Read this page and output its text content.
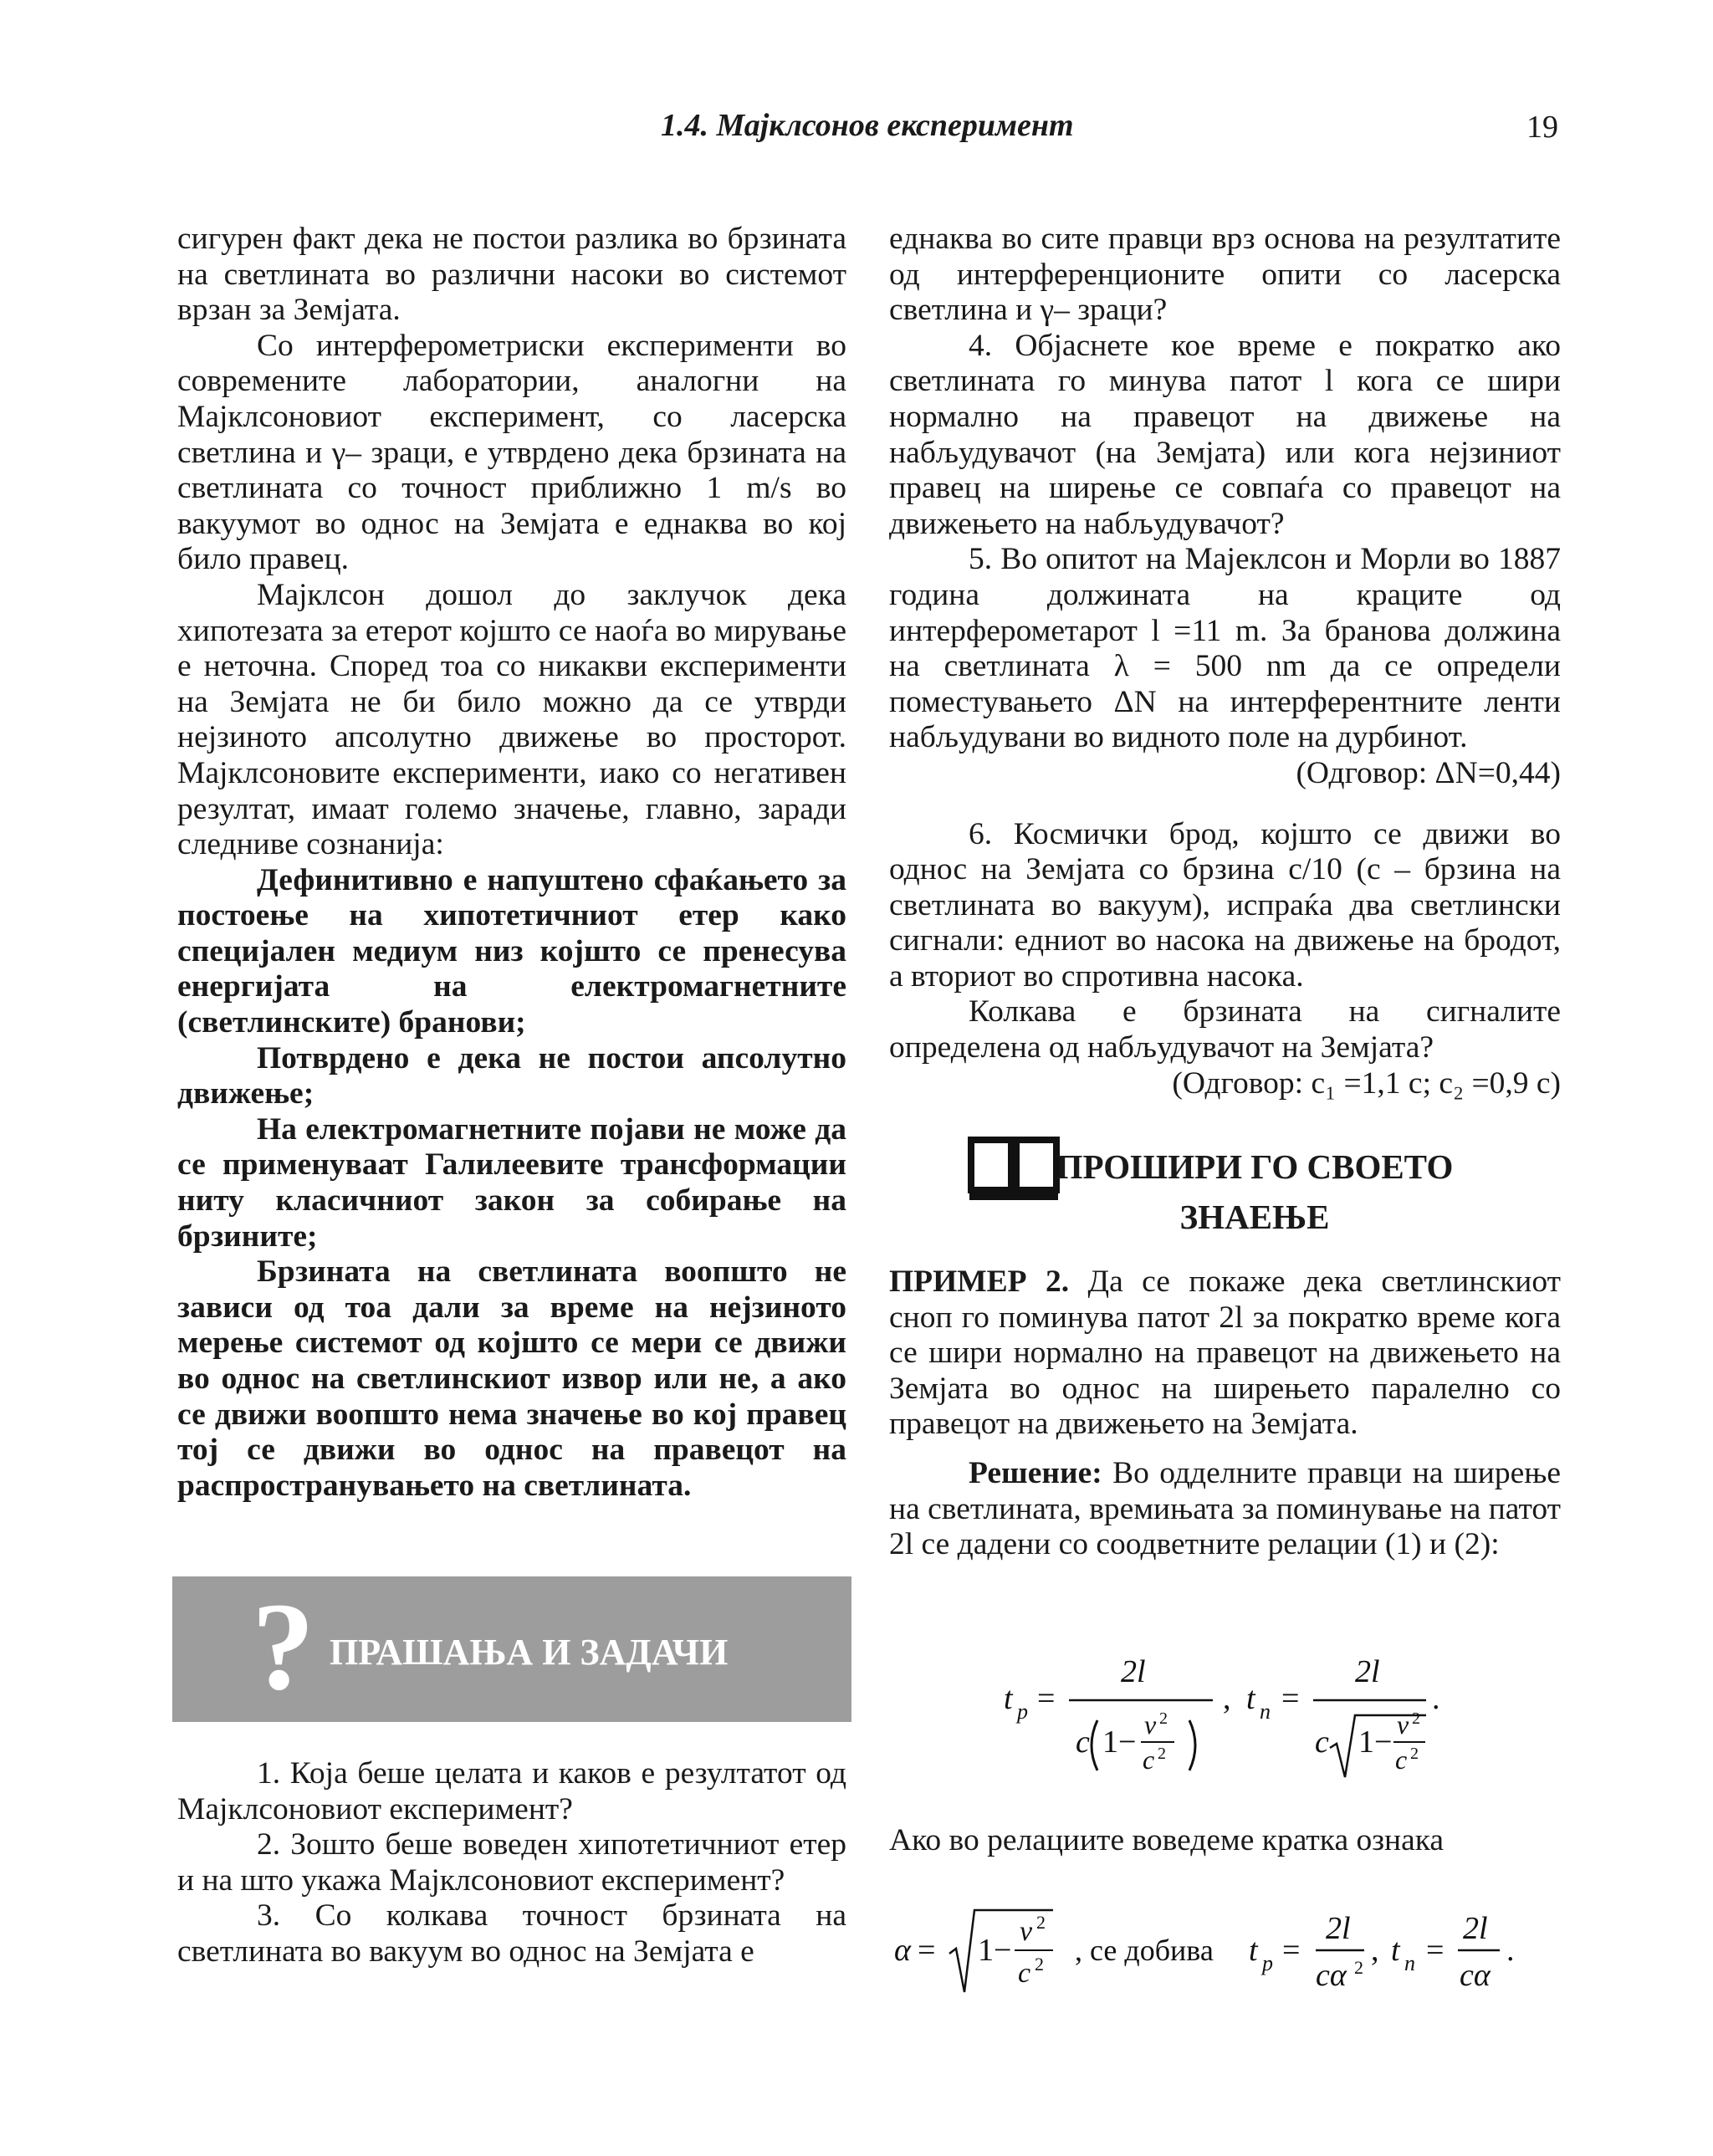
1.4. Мајклсонов експеримент	19

сигурен факт дека не постои разлика во брзината на светлината во различни насоки во системот врзан за Земјата.

Со интерферометриски експерименти во современите лаборатории, аналогни на Мајклсоновиот експеримент, со ласерска светлина и γ– зраци, е утврдено дека брзината на светлината со точност приближно 1 m/s во вакуумот во однос на Земјата е еднаква во кој било правец.

Мајклсон дошол до заклучок дека хипотезата за етерот којшто се наоѓа во мирување е неточна. Според тоа со никакви експерименти на Земјата не би било можно да се утврди нејзиното апсолутно движење во просторот. Мајклсоновите експерименти, иако со негативен резултат, имаат големо значење, главно, заради следниве сознанија:

Дефинитивно е напуштено сфаќањето за постоење на хипотетичниот етер како специјален медиум низ којшто се пренесува енергијата на електромагнетните (светлинските) бранови;

Потврдено е дека не постои апсолутно движење;

На електромагнетните појави не може да се применуваат Галилеевите трансформации ниту класичниот закон за собирање на брзините;

Брзината на светлината воопшто не зависи од тоа дали за време на нејзиното мерење системот од којшто се мери се движи во однос на светлинскиот извор или не, а ако се движи воопшто нема значење во кој правец тој се движи во однос на правецот на распространувањето на светлината.

? ПРАШАЊА И ЗАДАЧИ

1. Која беше целата и каков е резултатот од Мајклсоновиот експеримент?

2. Зошто беше воведен хипотетичниот етер и на што укажа Мајклсоновиот експеримент?

3. Со колкава точност брзината на светлината во вакуум во однос на Земјата е

еднаква во сите правци врз основа на резултатите од интерференционите опити со ласерска светлина и γ– зраци?

4. Објаснете кое време е пократко ако светлината го минува патот l кога се шири нормално на правецот на движење на набљудувачот (на Земјата) или кога нејзиниот правец на ширење се совпаѓа со правецот на движењето на набљудувачот?

5. Во опитот на Мајеклсон и Морли во 1887 година должината на краците од интерферометарот l =11 m. За бранова должина на светлината λ = 500 nm да се определи поместувањето ΔN на интерферентните ленти набљудувани во видното поле на дурбинот.

(Одговор: ΔN=0,44)

6. Космички брод, којшто се движи во однос на Земјата со брзина c/10 (c – брзина на светлината во вакуум), испраќа два светлински сигнали: едниот во насока на движење на бродот, а вториот во спротивна насока.

Колкава е брзината на сигналите определена од набљудувачот на Земјата?

(Одговор: c₁ =1,1 c; c₂ =0,9 c)

ПРОШИРИ ГО СВОЕТО
ЗНАЕЊЕ

ПРИМЕР 2. Да се покаже дека светлинскиот сноп го поминува патот 2l за пократко време кога се шири нормално на правецот на движењето на Земјата во однос на ширењето паралелно со правецот на движењето на Земјата.

Решение: Во одделните правци на ширење на светлината, времињата за поминување на патот 2l се дадени со соодветните релации (1) и (2):

t p =
2l
c 1− v 2
c 2
, t n =
2l
c 1− v 2
c 2
.

Ако во релациите воведеме кратка ознака

α = 1−
v 2
c 2 , се добива t p =
2l
cα 2 , t n =
2l
cα
.
